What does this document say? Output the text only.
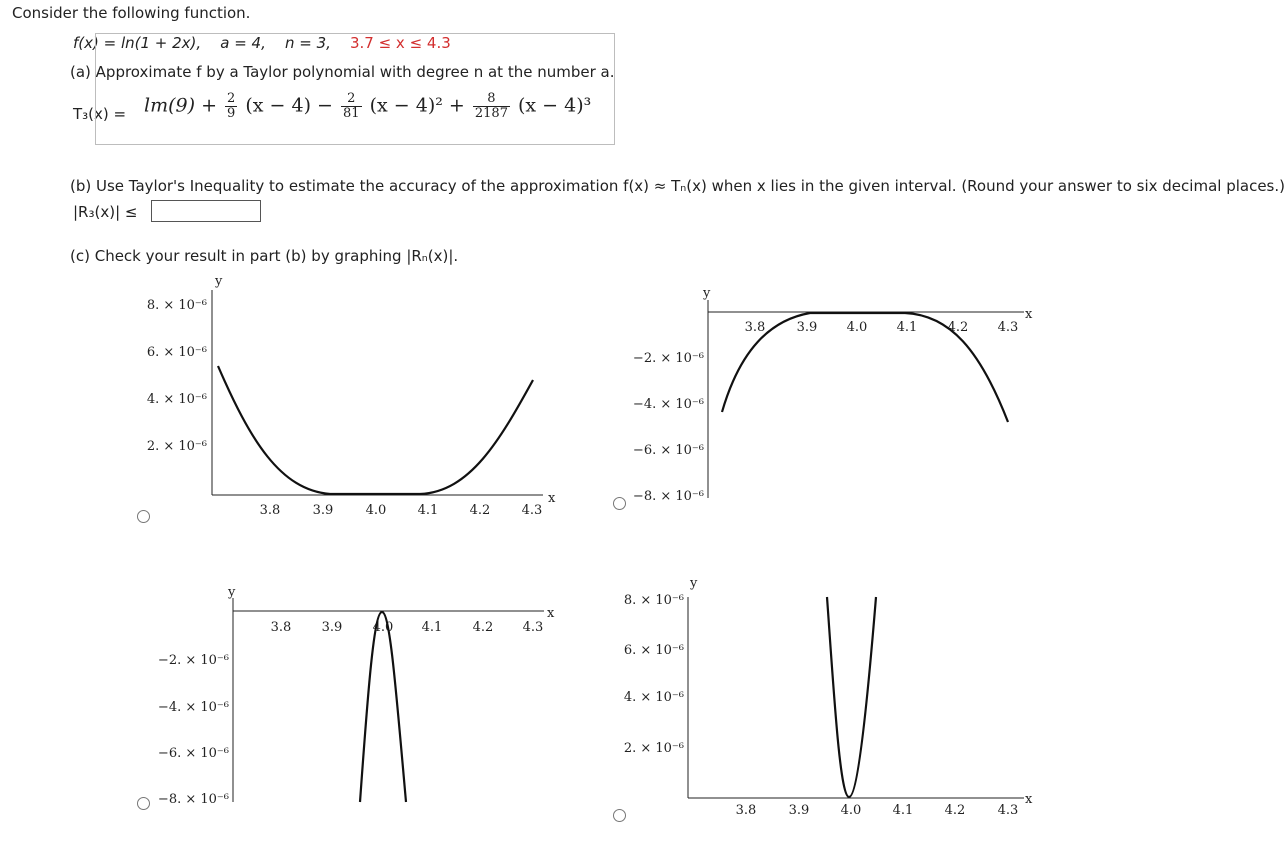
Consider the following function.
f(x) = ln(1 + 2x), a = 4, n = 3, 3.7 ≤ x ≤ 4.3
(a) Approximate f by a Taylor polynomial with degree n at the number a.
$T_3(x) = lm(9) + \frac{2}{9} (x - 4) - \frac{2}{81} (x - 4)^2 + \frac{8}{2187} (x - 4)^3$
(b) Use Taylor's Inequality to estimate the accuracy of the approximation f(x) ≈ Tₙ(x) when x lies in the given interval. (Round your answer to six decimal places.)
|R₃(x)| ≤
(c) Check your result in part (b) by graphing |Rₙ(x)|.
y
x
8. × 10⁻⁶
6. × 10⁻⁶
4. × 10⁻⁶
2. × 10⁻⁶
3.8 3.9 4.0 4.1 4.2 4.3
y
x
−2. × 10⁻⁶
−4. × 10⁻⁶
−6. × 10⁻⁶
−8. × 10⁻⁶
3.8 3.9 4.0 4.1 4.2 4.3
y
x
−2. × 10⁻⁶
−4. × 10⁻⁶
−6. × 10⁻⁶
−8. × 10⁻⁶
3.8 3.9 4.0 4.1 4.2 4.3
y
x
8. × 10⁻⁶
6. × 10⁻⁶
4. × 10⁻⁶
2. × 10⁻⁶
3.8 3.9 4.0 4.1 4.2 4.3
